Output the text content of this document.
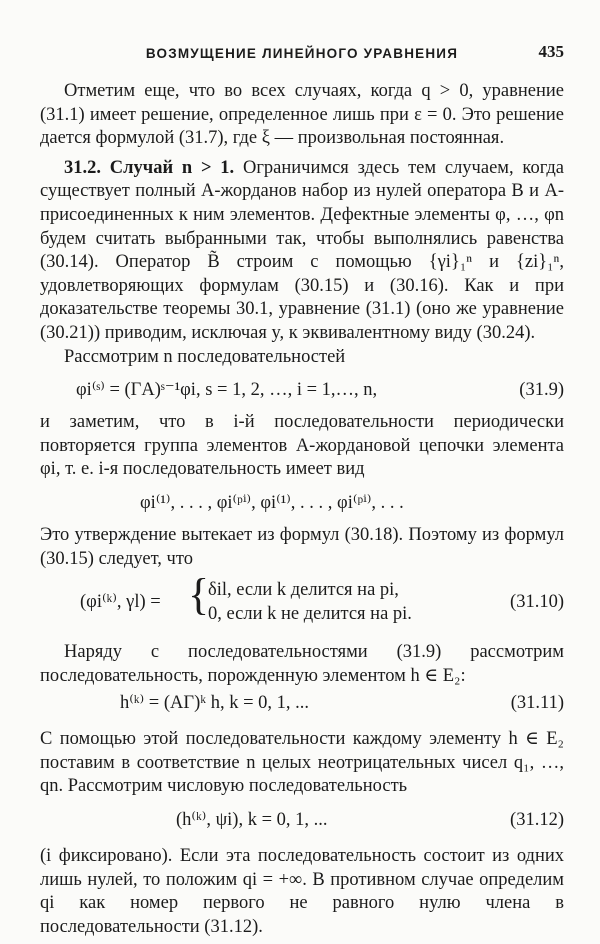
ВОЗМУЩЕНИЕ ЛИНЕЙНОГО УРАВНЕНИЯ	435

Отметим еще, что во всех случаях, когда q > 0, уравнение (31.1) имеет решение, определенное лишь при ε = 0. Это решение дается формулой (31.7), где ξ — произвольная постоянная.

31.2. Случай n > 1. Ограничимся здесь тем случаем, когда существует полный A-жорданов набор из нулей оператора B и A-присоединенных к ним элементов. Дефектные элементы φ, …, φn будем считать выбранными так, чтобы выполнялись равенства (30.14). Оператор B̃ строим с помощью {γi}₁ⁿ и {zi}₁ⁿ, удовлетворяющих формулам (30.15) и (30.16). Как и при доказательстве теоремы 30.1, уравнение (31.1) (оно же уравнение (30.21)) приводим, исключая y, к эквивалентному виду (30.24).

Рассмотрим n последовательностей

φi⁽ˢ⁾ = (ΓA)ˢ⁻¹φi, s = 1, 2, …, i = 1,…, n,	(31.9)

и заметим, что в i-й последовательности периодически повторяется группа элементов A-жордановой цепочки элемента φi, т. е. i-я последовательность имеет вид

φi⁽¹⁾, . . . , φi⁽ᵖⁱ⁾, φi⁽¹⁾, . . . , φi⁽ᵖⁱ⁾, . . .

Это утверждение вытекает из формул (30.18). Поэтому из формул (30.15) следует, что

(φi⁽ᵏ⁾, γl) = {
δil, если k делится на pi,
0, если k не делится на pi.
(31.10)

Наряду с последовательностями (31.9) рассмотрим последовательность, порожденную элементом h ∈ E₂:

h⁽ᵏ⁾ = (AΓ)ᵏ h, k = 0, 1, ...	(31.11)

С помощью этой последовательности каждому элементу h ∈ E₂ поставим в соответствие n целых неотрицательных чисел q₁, …, qn. Рассмотрим числовую последовательность

(h⁽ᵏ⁾, ψi), k = 0, 1, ...	(31.12)

(i фиксировано). Если эта последовательность состоит из одних лишь нулей, то положим qi = +∞. В противном случае определим qi как номер первого не равного нулю члена в последовательности (31.12).
